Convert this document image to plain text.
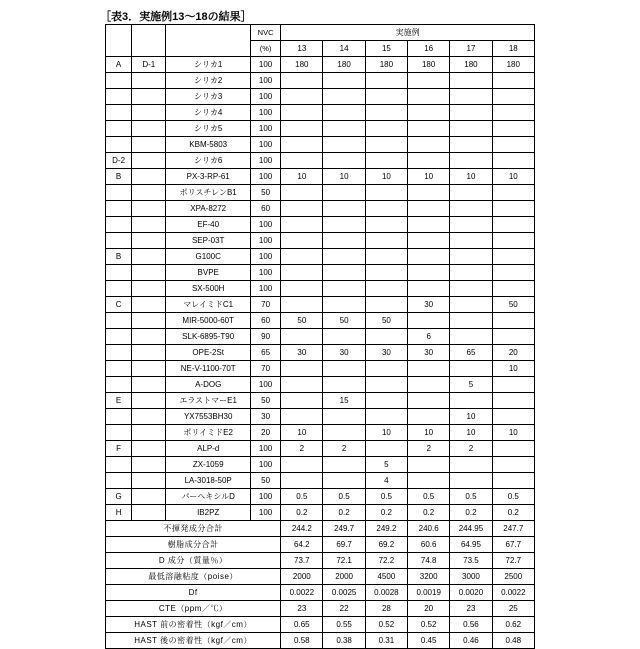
［表3．実施例13〜18の結果］
			NVC	実施例					
			(%)	13	14	15	16	17	18
A	D-1	シリカ1	100	180	180	180	180	180	180
		シリカ2	100						
		シリカ3	100						
		シリカ4	100						
		シリカ5	100						
		KBM-5803	100						
D-2		シリカ6	100						
B		PX-3-RP-61	100	10	10	10	10	10	10
		ポリスチレンB1	50						
		XPA-8272	60						
		EF-40	100						
		SEP-03T	100						
B		G100C	100						
		BVPE	100						
		SX-500H	100						
C		マレイミドC1	70				30		50
		MIR-5000-60T	60	50	50	50			
		SLK-6895-T90	90				6		
		OPE-2St	65	30	30	30	30	65	20
		NE-V-1100-70T	70						10
		A-DOG	100					5	
E		エラストマーE1	50		15				
		YX7553BH30	30					10	
		ポリイミドE2	20	10		10	10	10	10
F		ALP-d	100	2	2		2	2	
		ZX-1059	100			5			
		LA-3018-50P	50			4			
G		パーヘキシルD	100	0.5	0.5	0.5	0.5	0.5	0.5
H		IB2PZ	100	0.2	0.2	0.2	0.2	0.2	0.2
不揮発成分合計				244.2	249.7	249.2	240.6	244.95	247.7
樹脂成分合計				64.2	69.7	69.2	60.6	64.95	67.7
D 成分（質量％）				73.7	72.1	72.2	74.8	73.5	72.7
最低溶融粘度（poise）				2000	2000	4500	3200	3000	2500
Df				0.0022	0.0025	0.0028	0.0019	0.0020	0.0022
CTE（ppm／℃）				23	22	28	20	23	25
HAST 前の密着性（kgf／cm）				0.65	0.55	0.52	0.52	0.56	0.62
HAST 後の密着性（kgf／cm）				0.58	0.38	0.31	0.45	0.46	0.48
